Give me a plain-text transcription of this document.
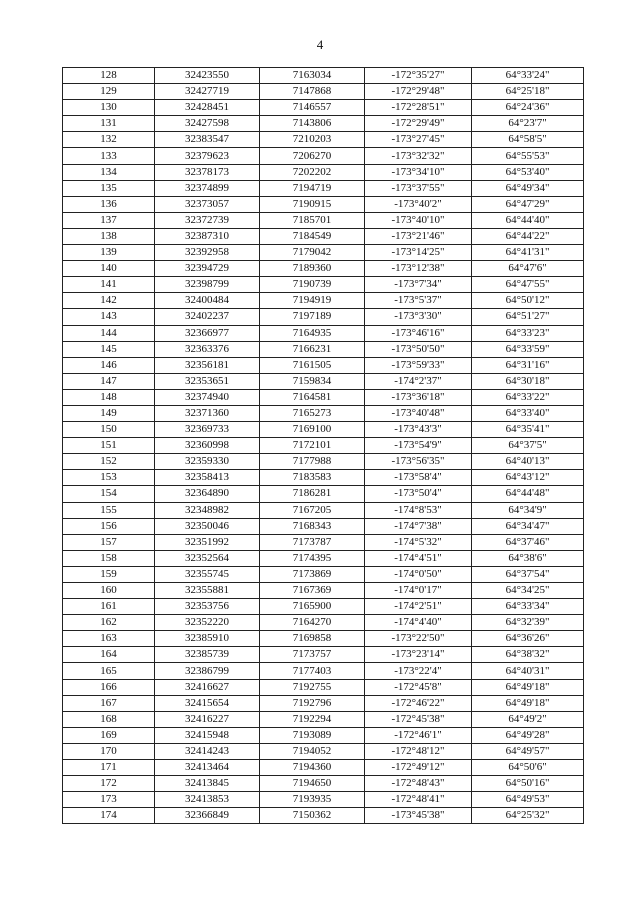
4
128	32423550	7163034	-172°35'27"	64°33'24"
129	32427719	7147868	-172°29'48"	64°25'18"
130	32428451	7146557	-172°28'51"	64°24'36"
131	32427598	7143806	-172°29'49"	64°23'7"
132	32383547	7210203	-173°27'45"	64°58'5"
133	32379623	7206270	-173°32'32"	64°55'53"
134	32378173	7202202	-173°34'10"	64°53'40"
135	32374899	7194719	-173°37'55"	64°49'34"
136	32373057	7190915	-173°40'2"	64°47'29"
137	32372739	7185701	-173°40'10"	64°44'40"
138	32387310	7184549	-173°21'46"	64°44'22"
139	32392958	7179042	-173°14'25"	64°41'31"
140	32394729	7189360	-173°12'38"	64°47'6"
141	32398799	7190739	-173°7'34"	64°47'55"
142	32400484	7194919	-173°5'37"	64°50'12"
143	32402237	7197189	-173°3'30"	64°51'27"
144	32366977	7164935	-173°46'16"	64°33'23"
145	32363376	7166231	-173°50'50"	64°33'59"
146	32356181	7161505	-173°59'33"	64°31'16"
147	32353651	7159834	-174°2'37"	64°30'18"
148	32374940	7164581	-173°36'18"	64°33'22"
149	32371360	7165273	-173°40'48"	64°33'40"
150	32369733	7169100	-173°43'3"	64°35'41"
151	32360998	7172101	-173°54'9"	64°37'5"
152	32359330	7177988	-173°56'35"	64°40'13"
153	32358413	7183583	-173°58'4"	64°43'12"
154	32364890	7186281	-173°50'4"	64°44'48"
155	32348982	7167205	-174°8'53"	64°34'9"
156	32350046	7168343	-174°7'38"	64°34'47"
157	32351992	7173787	-174°5'32"	64°37'46"
158	32352564	7174395	-174°4'51"	64°38'6"
159	32355745	7173869	-174°0'50"	64°37'54"
160	32355881	7167369	-174°0'17"	64°34'25"
161	32353756	7165900	-174°2'51"	64°33'34"
162	32352220	7164270	-174°4'40"	64°32'39"
163	32385910	7169858	-173°22'50"	64°36'26"
164	32385739	7173757	-173°23'14"	64°38'32"
165	32386799	7177403	-173°22'4"	64°40'31"
166	32416627	7192755	-172°45'8"	64°49'18"
167	32415654	7192796	-172°46'22"	64°49'18"
168	32416227	7192294	-172°45'38"	64°49'2"
169	32415948	7193089	-172°46'1"	64°49'28"
170	32414243	7194052	-172°48'12"	64°49'57"
171	32413464	7194360	-172°49'12"	64°50'6"
172	32413845	7194650	-172°48'43"	64°50'16"
173	32413853	7193935	-172°48'41"	64°49'53"
174	32366849	7150362	-173°45'38"	64°25'32"
